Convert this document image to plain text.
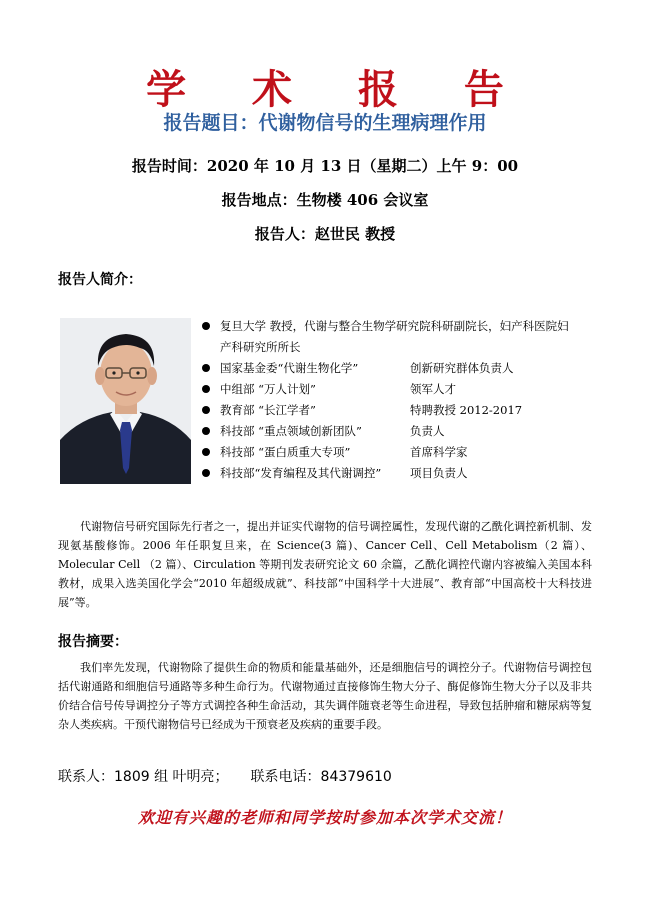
学 术 报 告
报告题目：代谢物信号的生理病理作用
报告时间：2020 年 10 月 13 日（星期二）上午 9：00
报告地点：生物楼 406 会议室
报告人：赵世民 教授
报告人简介：
复旦大学 教授，代谢与整合生物学研究院科研副院长，妇产科医院妇
产科研究所所长
国家基金委“代谢生物化学”	创新研究群体负责人
中组部 “万人计划”	领军人才
教育部 “长江学者”	特聘教授 2012-2017
科技部 “重点领域创新团队”	负责人
科技部 “蛋白质重大专项”	首席科学家
科技部“发育编程及其代谢调控”	项目负责人

代谢物信号研究国际先行者之一，提出并证实代谢物的信号调控属性，发现代谢的乙酰化调控新机制、发现氨基酸修饰。2006 年任职复旦来，在 Science(3 篇)、Cancer Cell、Cell Metabolism（2 篇）、Molecular Cell （2 篇）、Circulation 等期刊发表研究论文 60 余篇，乙酰化调控代谢内容被编入美国本科教材，成果入选美国化学会“2010 年超级成就”、科技部“中国科学十大进展”、教育部“中国高校十大科技进展”等。

报告摘要：

我们率先发现，代谢物除了提供生命的物质和能量基础外，还是细胞信号的调控分子。代谢物信号调控包括代谢通路和细胞信号通路等多种生命行为。代谢物通过直接修饰生物大分子、酶促修饰生物大分子以及非共价结合信号传导调控分子等方式调控各种生命活动，其失调伴随衰老等生命进程，导致包括肿瘤和糖尿病等复杂人类疾病。干预代谢物信号已经成为干预衰老及疾病的重要手段。

联系人：1809 组 叶明亮； 联系电话：84379610
欢迎有兴趣的老师和同学按时参加本次学术交流！
